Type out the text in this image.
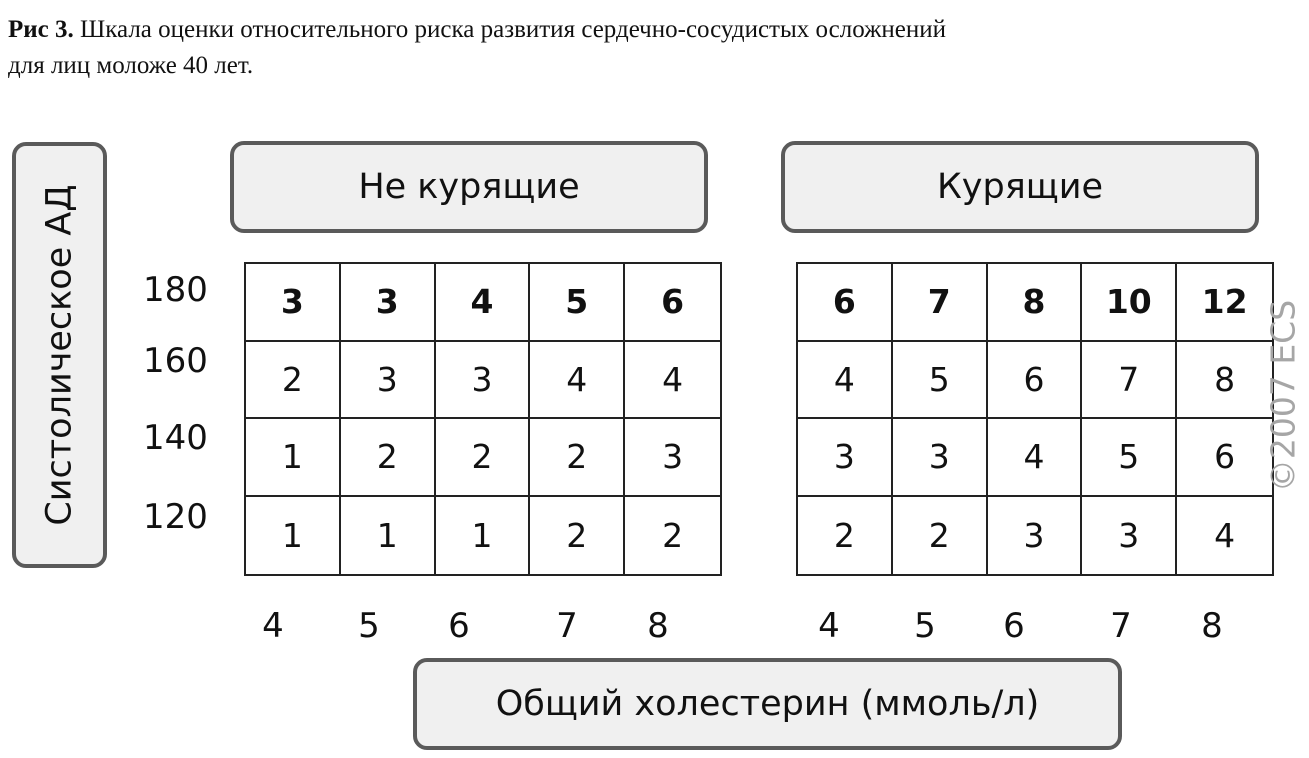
Рис 3. Шкала оценки относительного риска развития сердечно-сосудистых осложнений
для лиц моложе 40 лет.
Систолическое АД	Не курящие	Курящие
180
160
140
120
3	3	4	5	6
2	3	3	4	4
1	2	2	2	3
1	1	1	2	2
6	7	8	10	12
4	5	6	7	8
3	3	4	5	6
2	2	3	3	4
©2007 ECS
4	5	6	7	8	4	5	6	7	8
Общий холестерин (ммоль/л)
